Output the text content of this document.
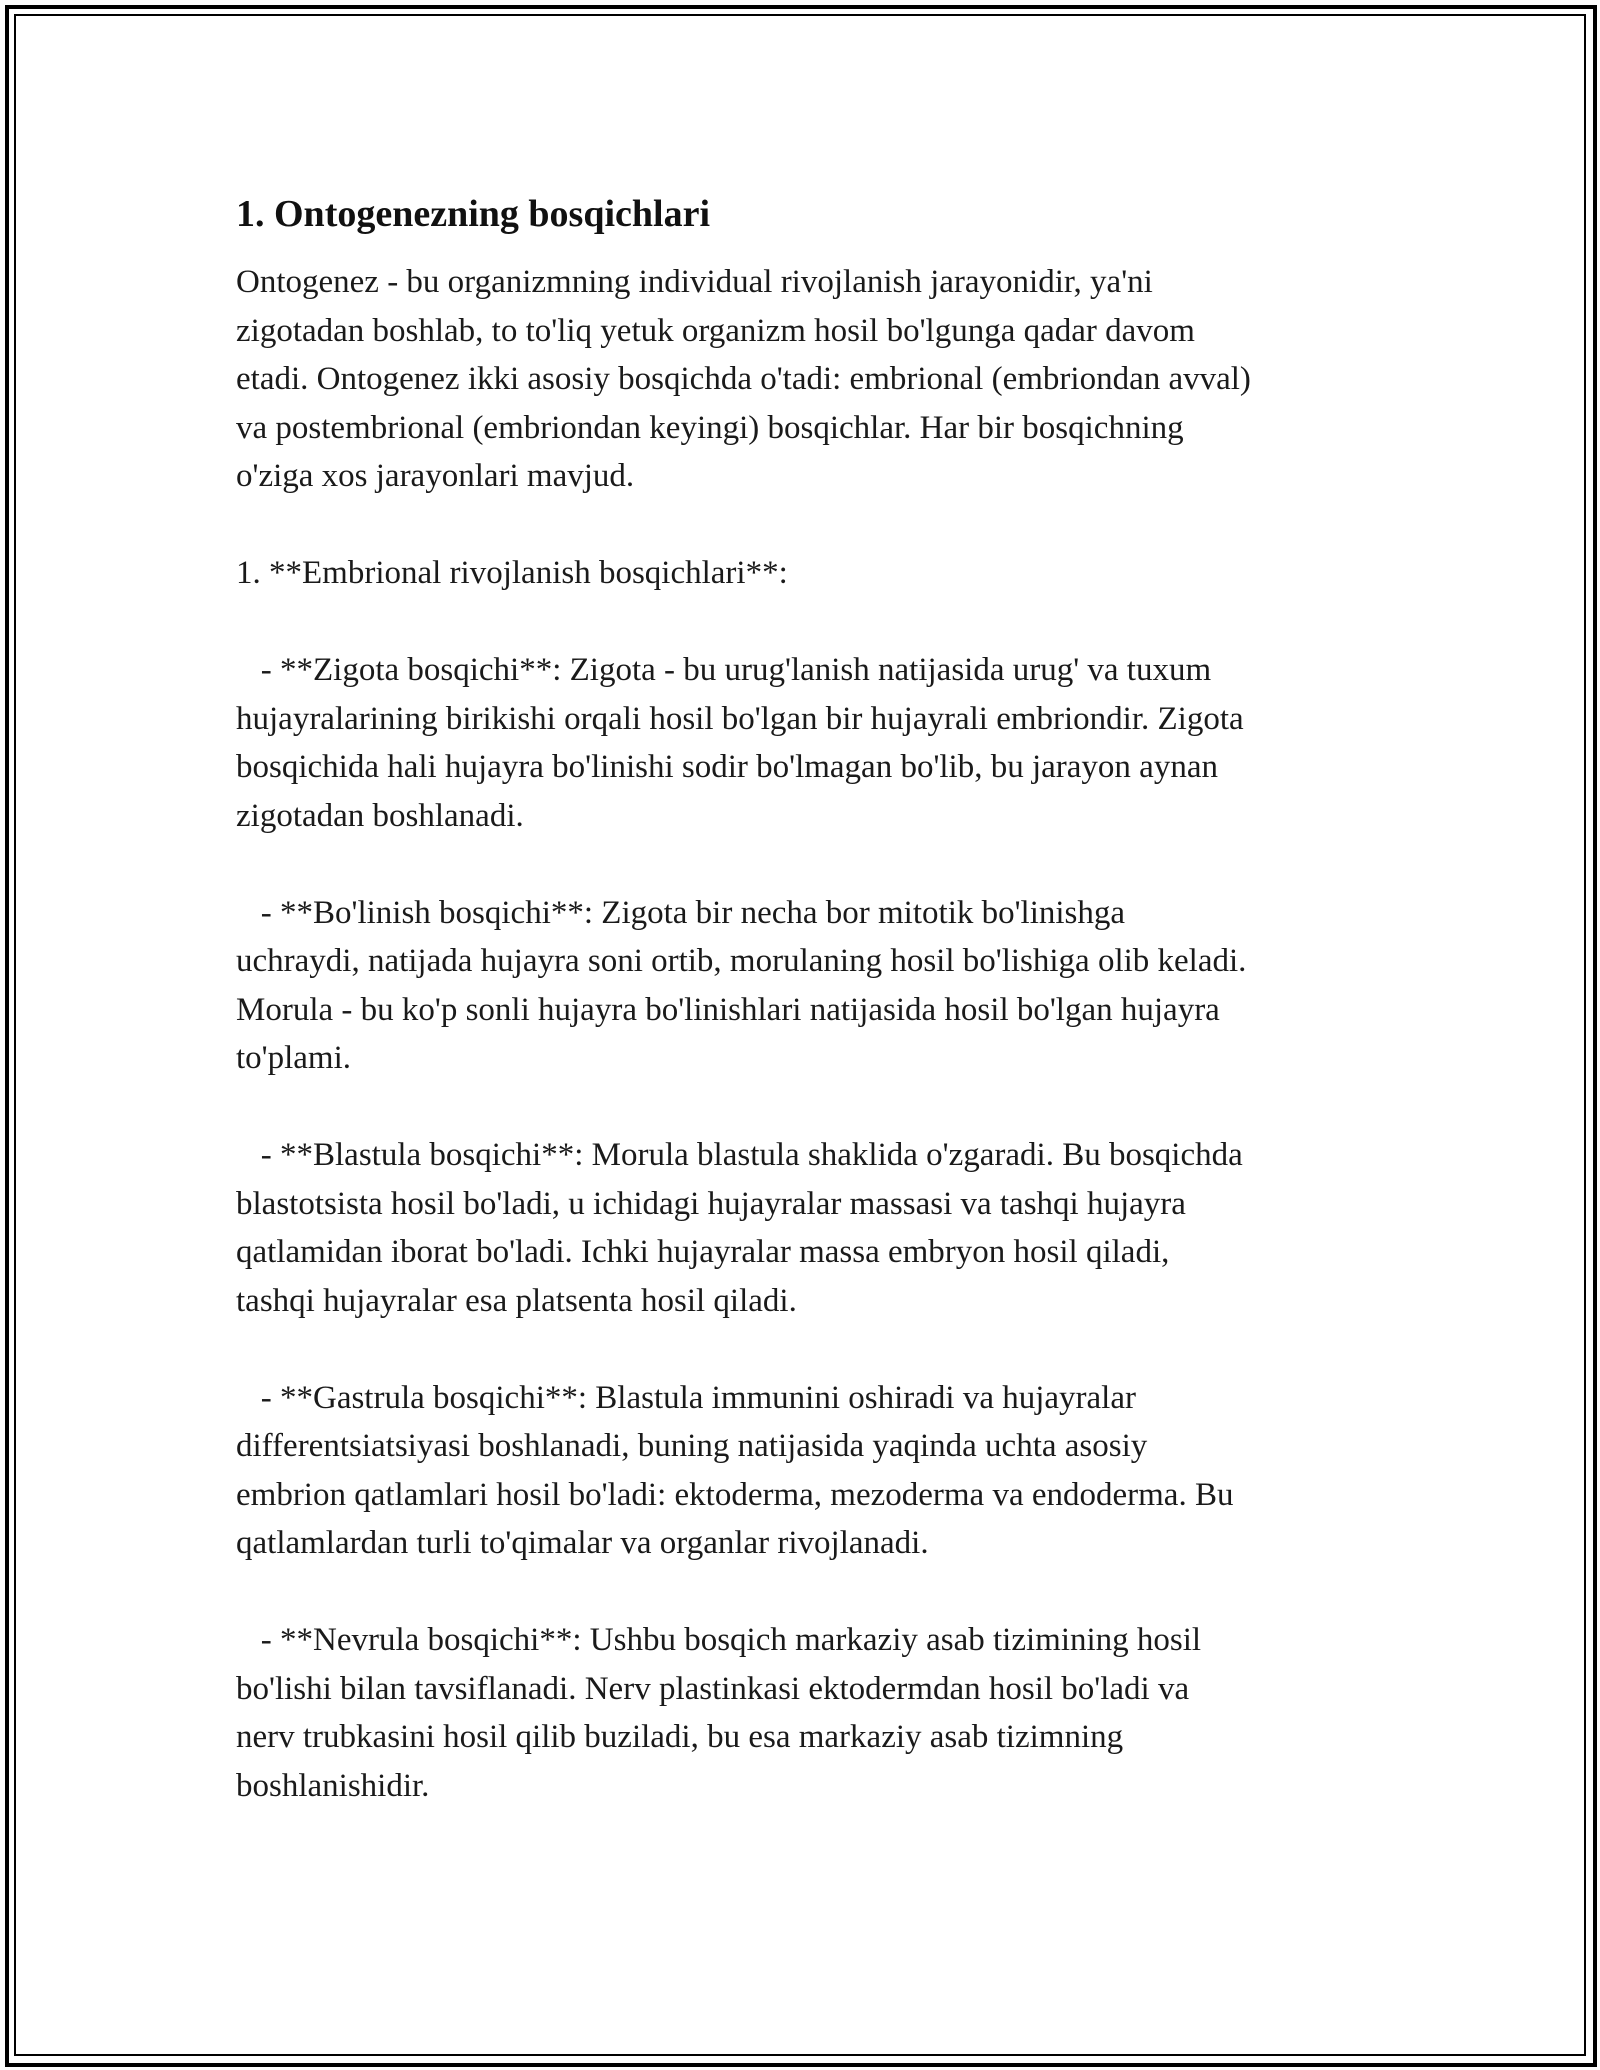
1. Ontogenezning bosqichlari

Ontogenez - bu organizmning individual rivojlanish jarayonidir, ya'ni
zigotadan boshlab, to to'liq yetuk organizm hosil bo'lgunga qadar davom
etadi. Ontogenez ikki asosiy bosqichda o'tadi: embrional (embriondan avval)
va postembrional (embriondan keyingi) bosqichlar. Har bir bosqichning
o'ziga xos jarayonlari mavjud.

1. **Embrional rivojlanish bosqichlari**:

- **Zigota bosqichi**: Zigota - bu urug'lanish natijasida urug' va tuxum
hujayralarining birikishi orqali hosil bo'lgan bir hujayrali embriondir. Zigota
bosqichida hali hujayra bo'linishi sodir bo'lmagan bo'lib, bu jarayon aynan
zigotadan boshlanadi.

- **Bo'linish bosqichi**: Zigota bir necha bor mitotik bo'linishga
uchraydi, natijada hujayra soni ortib, morulaning hosil bo'lishiga olib keladi.
Morula - bu ko'p sonli hujayra bo'linishlari natijasida hosil bo'lgan hujayra
to'plami.

- **Blastula bosqichi**: Morula blastula shaklida o'zgaradi. Bu bosqichda
blastotsista hosil bo'ladi, u ichidagi hujayralar massasi va tashqi hujayra
qatlamidan iborat bo'ladi. Ichki hujayralar massa embryon hosil qiladi,
tashqi hujayralar esa platsenta hosil qiladi.

- **Gastrula bosqichi**: Blastula immunini oshiradi va hujayralar
differentsiatsiyasi boshlanadi, buning natijasida yaqinda uchta asosiy
embrion qatlamlari hosil bo'ladi: ektoderma, mezoderma va endoderma. Bu
qatlamlardan turli to'qimalar va organlar rivojlanadi.

- **Nevrula bosqichi**: Ushbu bosqich markaziy asab tizimining hosil
bo'lishi bilan tavsiflanadi. Nerv plastinkasi ektodermdan hosil bo'ladi va
nerv trubkasini hosil qilib buziladi, bu esa markaziy asab tizimning
boshlanishidir.
